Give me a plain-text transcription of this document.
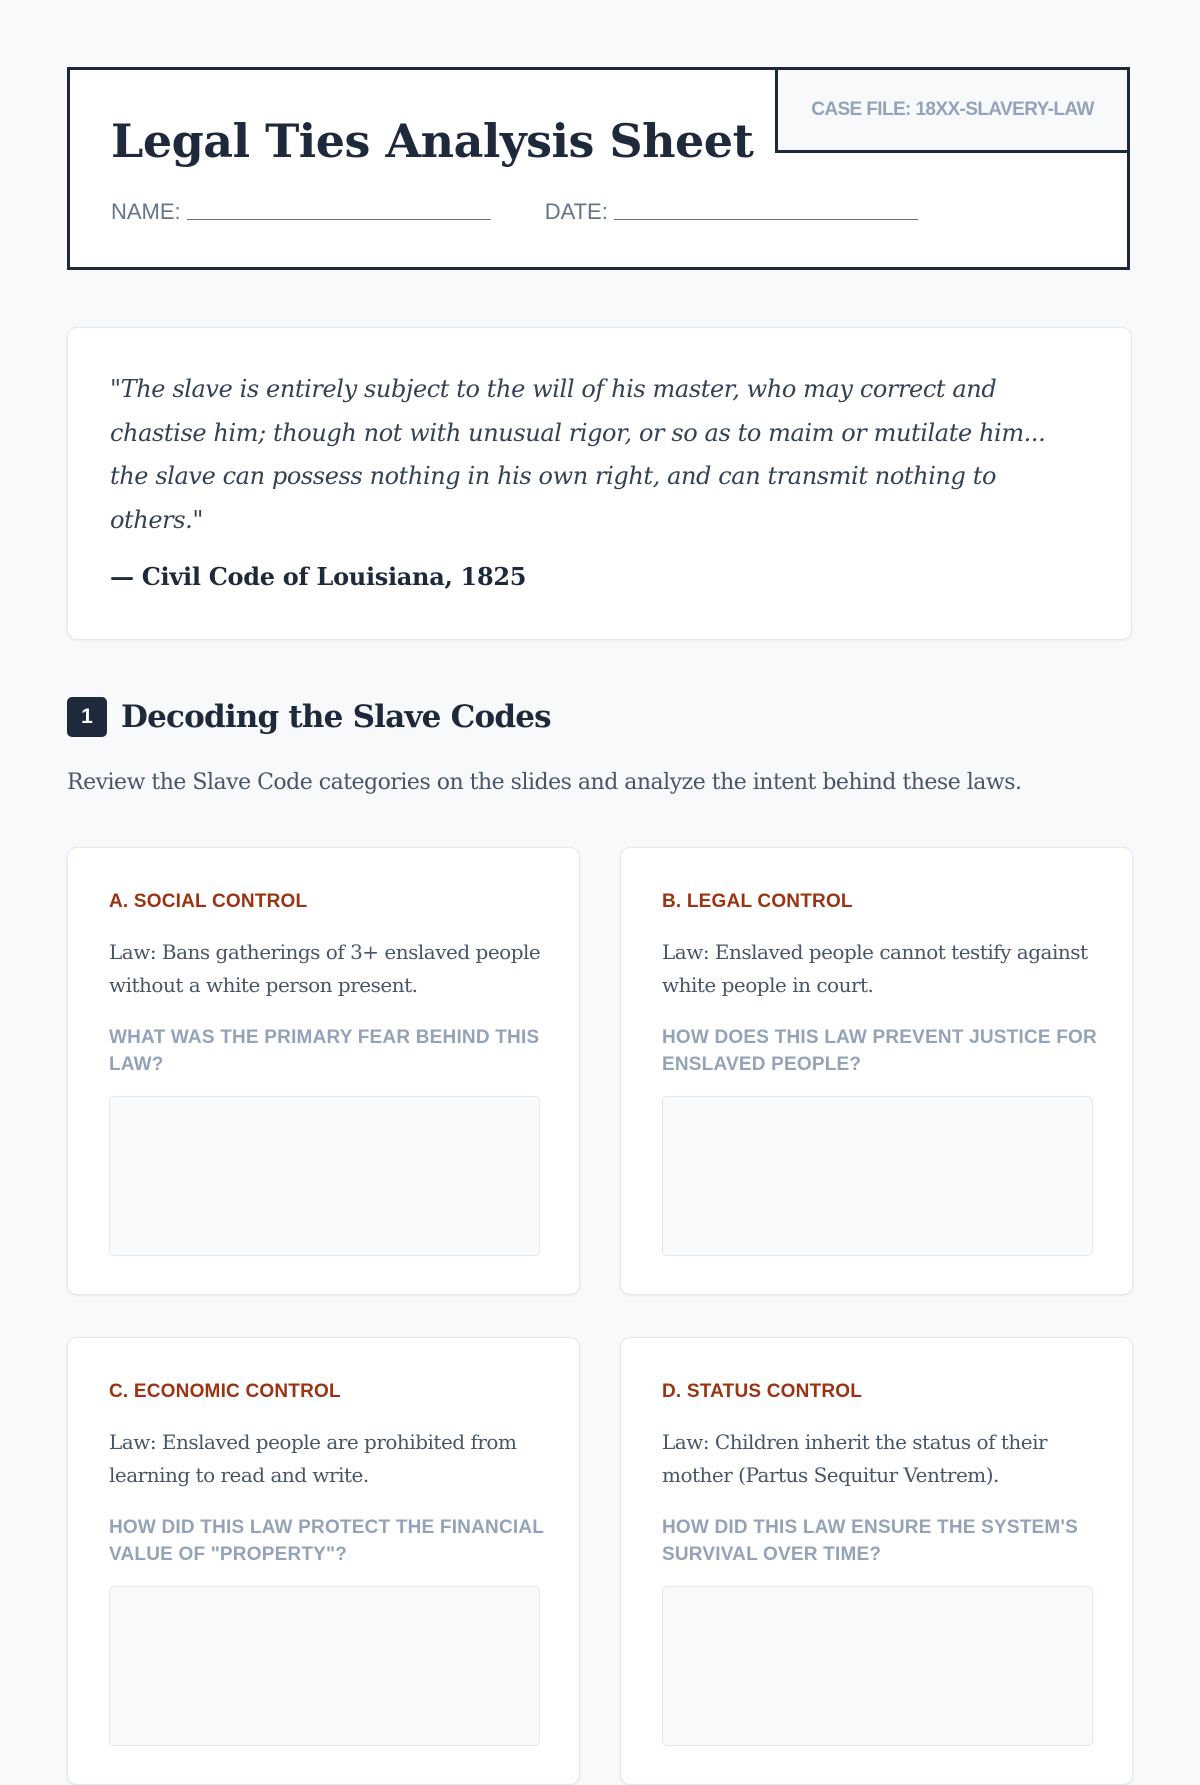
Legal Ties Analysis Sheet
CASE FILE: 18XX-SLAVERY-LAW
NAME:	DATE:

"The slave is entirely subject to the will of his master, who may correct and chastise him; though not with unusual rigor, or so as to maim or mutilate him... the slave can possess nothing in his own right, and can transmit nothing to others."

— Civil Code of Louisiana, 1825
1 Decoding the Slave Codes

Review the Slave Code categories on the slides and analyze the intent behind these laws.

A. SOCIAL CONTROL

Law: Bans gatherings of 3+ enslaved people without a white person present.

WHAT WAS THE PRIMARY FEAR BEHIND THIS LAW?

B. LEGAL CONTROL

Law: Enslaved people cannot testify against white people in court.

HOW DOES THIS LAW PREVENT JUSTICE FOR ENSLAVED PEOPLE?

C. ECONOMIC CONTROL

Law: Enslaved people are prohibited from learning to read and write.

HOW DID THIS LAW PROTECT THE FINANCIAL VALUE OF "PROPERTY"?

D. STATUS CONTROL

Law: Children inherit the status of their mother (Partus Sequitur Ventrem).

HOW DID THIS LAW ENSURE THE SYSTEM'S SURVIVAL OVER TIME?
